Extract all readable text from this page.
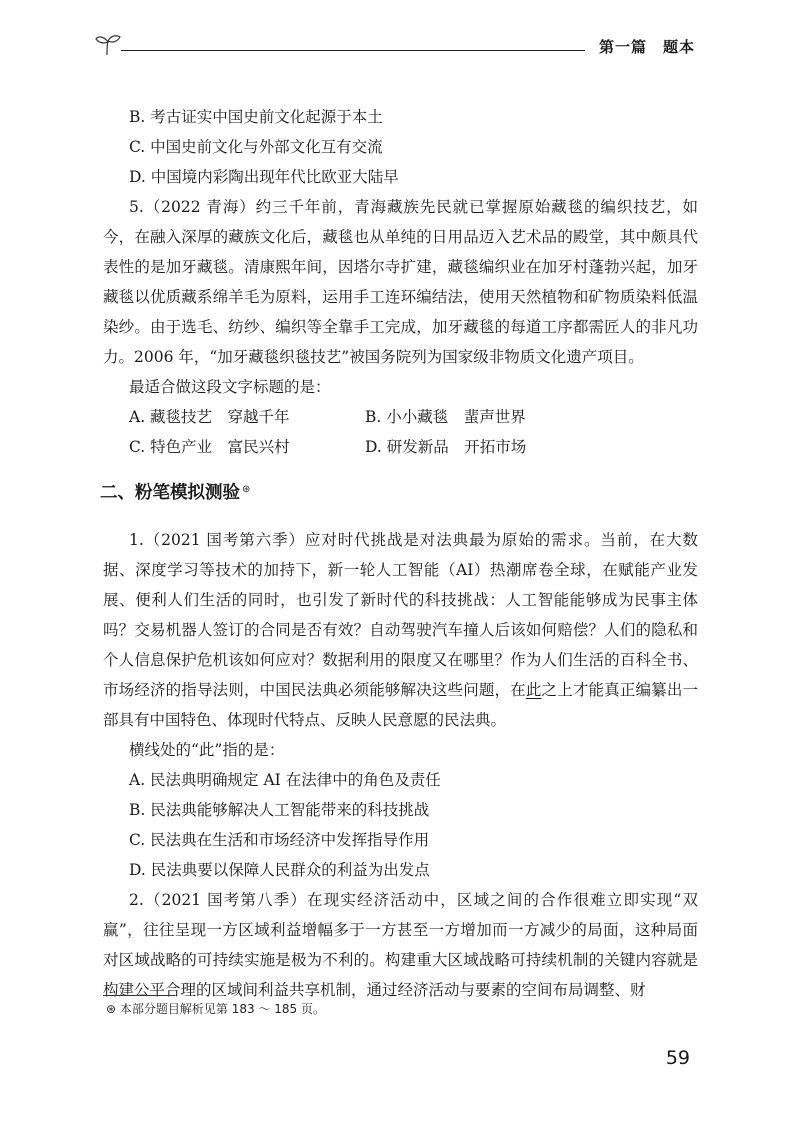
第一篇　题本

B. 考古证实中国史前文化起源于本土

C. 中国史前文化与外部文化互有交流

D. 中国境内彩陶出现年代比欧亚大陆早

5.（2022 青海）约三千年前，青海藏族先民就已掌握原始藏毯的编织技艺，如今，在融入深厚的藏族文化后，藏毯也从单纯的日用品迈入艺术品的殿堂，其中颇具代表性的是加牙藏毯。清康熙年间，因塔尔寺扩建，藏毯编织业在加牙村蓬勃兴起，加牙藏毯以优质藏系绵羊毛为原料，运用手工连环编结法，使用天然植物和矿物质染料低温染纱。由于选毛、纺纱、编织等全靠手工完成，加牙藏毯的每道工序都需匠人的非凡功力。2006 年，“加牙藏毯织毯技艺”被国务院列为国家级非物质文化遗产项目。

最适合做这段文字标题的是：

A. 藏毯技艺　穿越千年	B. 小小藏毯　蜚声世界

C. 特色产业　富民兴村	D. 研发新品　开拓市场

二、粉笔模拟测验 ⊛

1.（2021 国考第六季）应对时代挑战是对法典最为原始的需求。当前，在大数据、深度学习等技术的加持下，新一轮人工智能（AI）热潮席卷全球，在赋能产业发展、便利人们生活的同时，也引发了新时代的科技挑战：人工智能能够成为民事主体吗？交易机器人签订的合同是否有效？自动驾驶汽车撞人后该如何赔偿？人们的隐私和个人信息保护危机该如何应对？数据利用的限度又在哪里？作为人们生活的百科全书、市场经济的指导法则，中国民法典必须能够解决这些问题，在此之上才能真正编纂出一部具有中国特色、体现时代特点、反映人民意愿的民法典。

横线处的“此”指的是：

A. 民法典明确规定 AI 在法律中的角色及责任

B. 民法典能够解决人工智能带来的科技挑战

C. 民法典在生活和市场经济中发挥指导作用

D. 民法典要以保障人民群众的利益为出发点

2.（2021 国考第八季）在现实经济活动中，区域之间的合作很难立即实现“双赢”，往往呈现一方区域利益增幅多于一方甚至一方增加而一方减少的局面，这种局面对区域战略的可持续实施是极为不利的。构建重大区域战略可持续机制的关键内容就是构建公平合理的区域间利益共享机制，通过经济活动与要素的空间布局调整、财

⊛ 本部分题目解析见第 183 ～ 185 页。
59
